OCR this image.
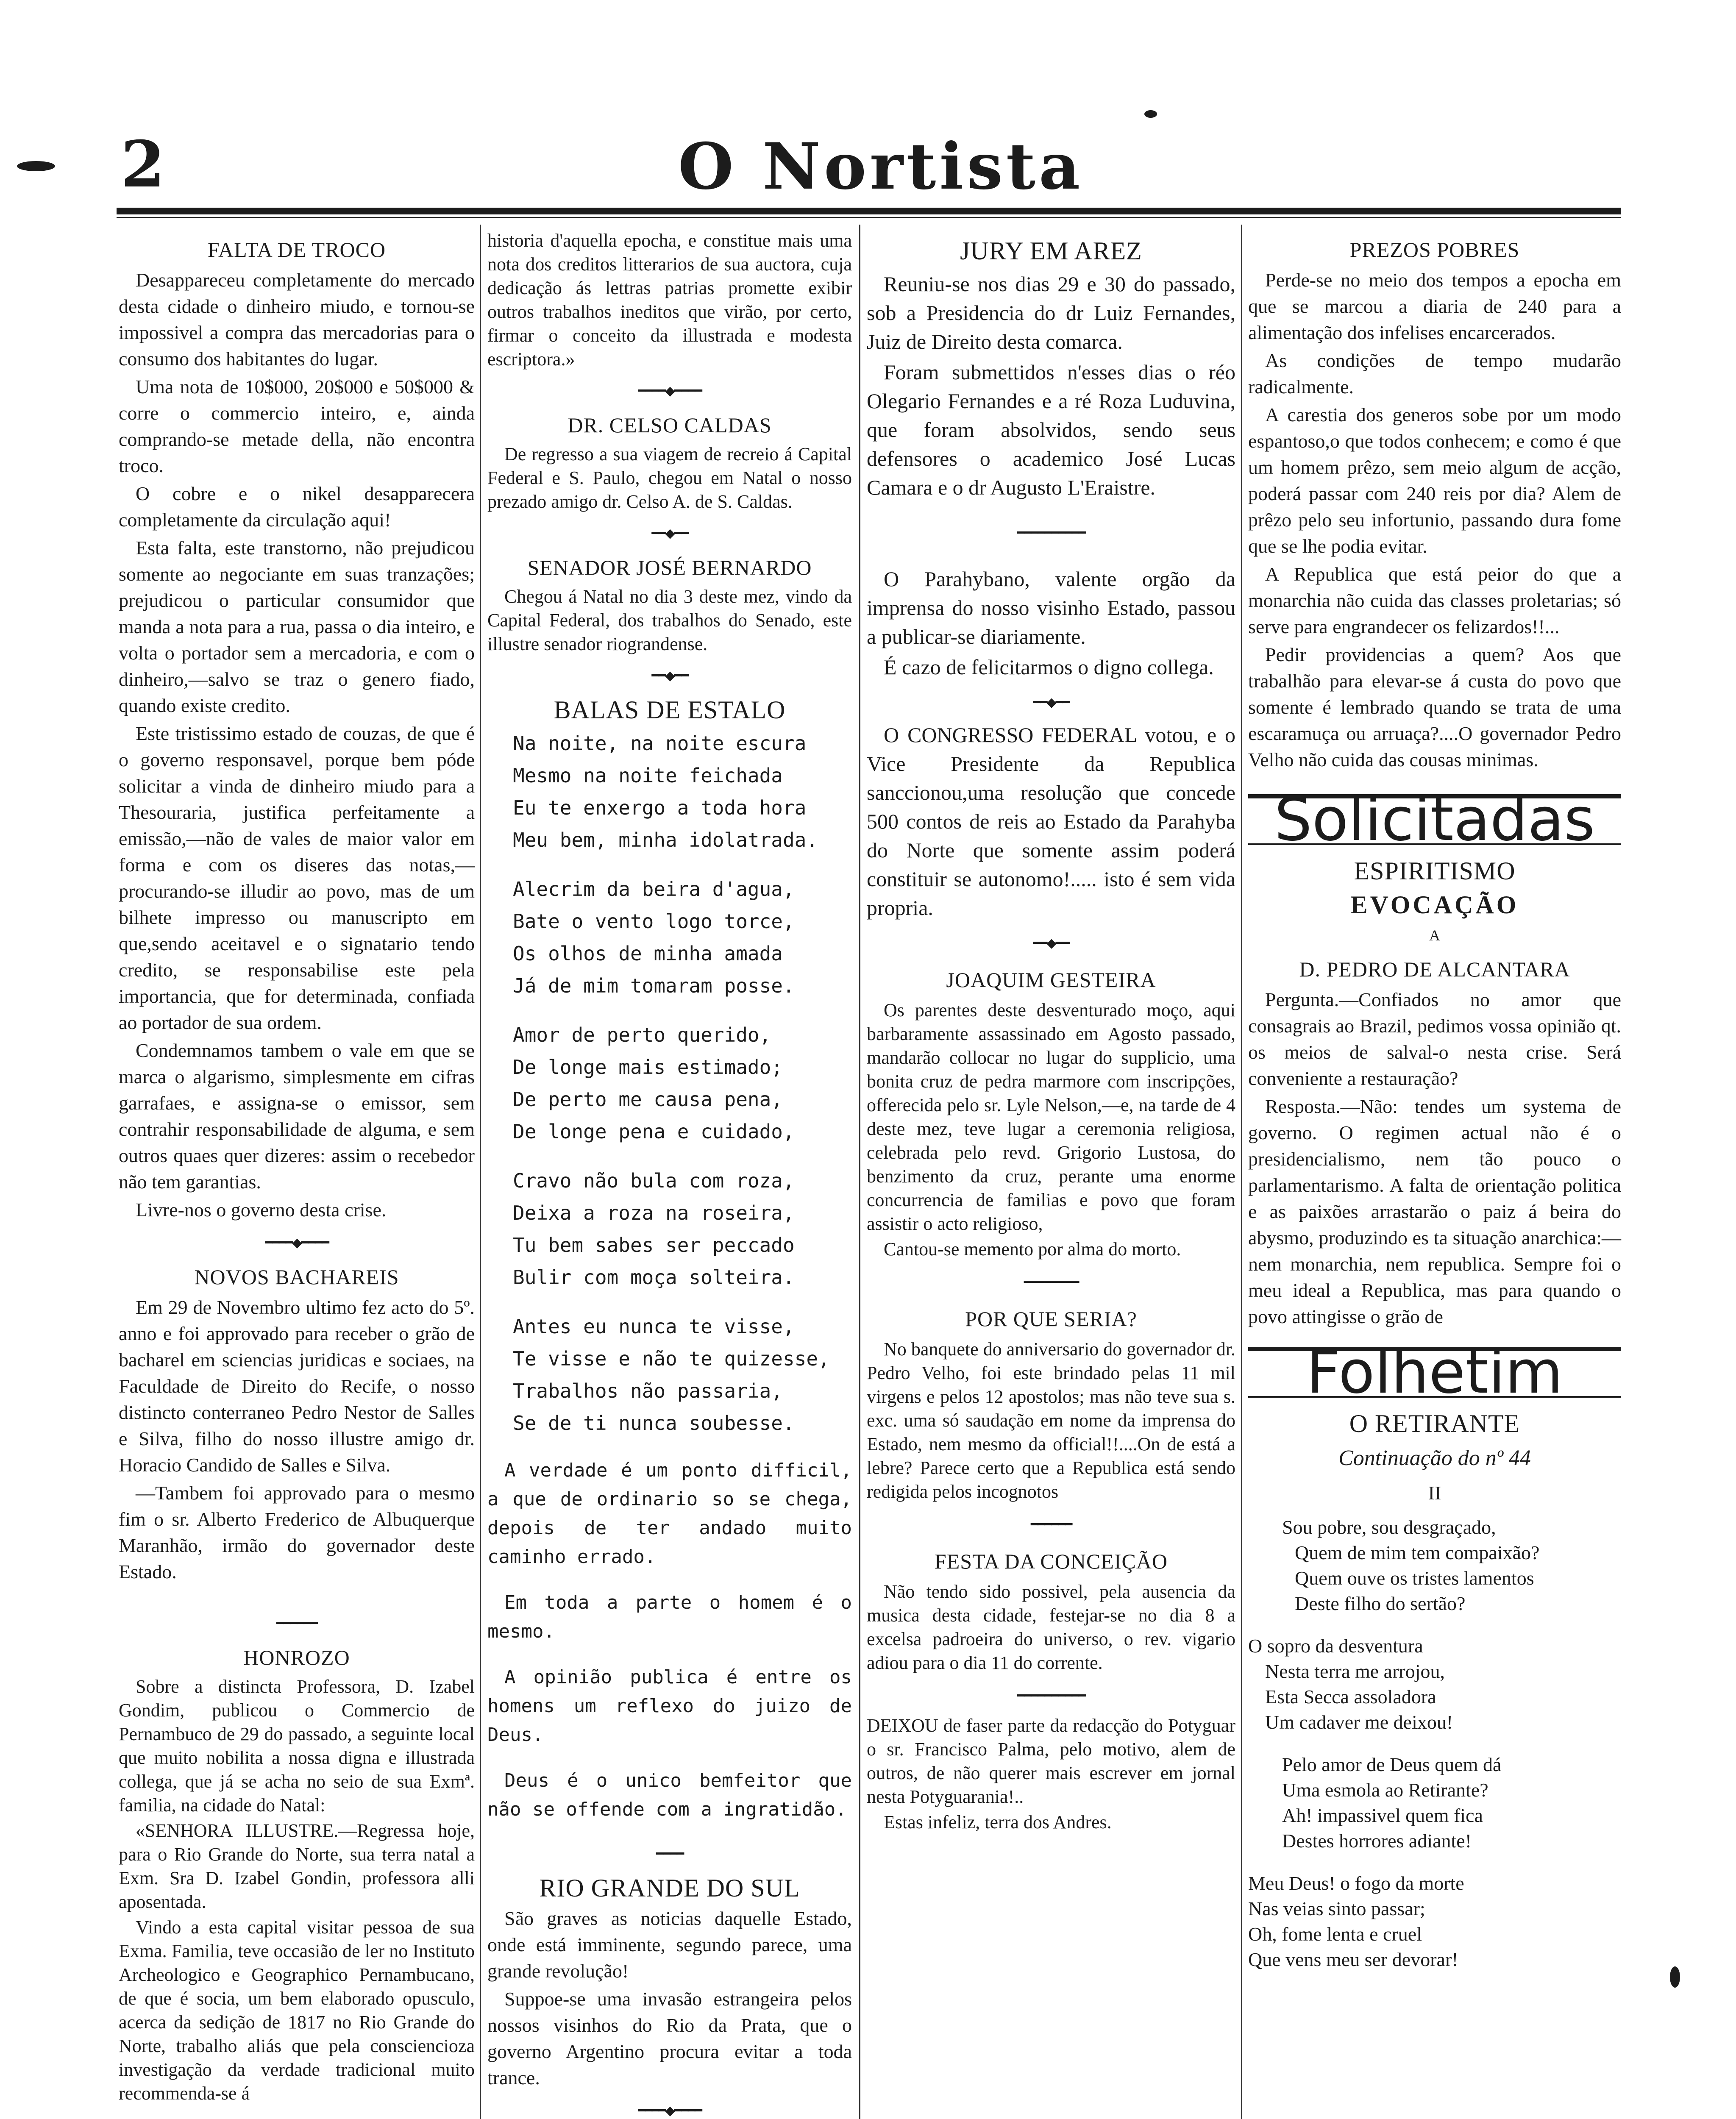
2	O Nortista
FALTA DE TROCO

Desappareceu completamente do mercado desta cidade o dinheiro miudo, e tornou-se impossivel a compra das mercadorias para o consumo dos habitantes do lugar.

Uma nota de 10$000, 20$000 e 50$000 & corre o commercio inteiro, e, ainda comprando-se metade della, não encontra troco.

O cobre e o nikel desapparecera completamente da circulação aqui!

Esta falta, este transtorno, não prejudicou somente ao negociante em suas tranzações; prejudicou o particular consumidor que manda a nota para a rua, passa o dia inteiro, e volta o portador sem a mercadoria, e com o dinheiro,—salvo se traz o genero fiado, quando existe credito.

Este tristissimo estado de couzas, de que é o governo responsavel, porque bem póde solicitar a vinda de dinheiro miudo para a Thesouraria, justifica perfeitamente a emissão,—não de vales de maior valor em forma e com os diseres das notas,—procurando-se illudir ao povo, mas de um bilhete impresso ou manuscripto em que,sendo aceitavel e o signatario tendo credito, se responsabilise este pela importancia, que for determinada, confiada ao portador de sua ordem.

Condemnamos tambem o vale em que se marca o algarismo, simplesmente em cifras garrafaes, e assigna-se o emissor, sem contrahir responsabilidade de alguma, e sem outros quaes quer dizeres: assim o recebedor não tem garantias.

Livre-nos o governo desta crise.

━━━━◆━━━━
NOVOS BACHAREIS

Em 29 de Novembro ultimo fez acto do 5º. anno e foi approvado para receber o grão de bacharel em sciencias juridicas e sociaes, na Faculdade de Direito do Recife, o nosso distincto conterraneo Pedro Nestor de Salles e Silva, filho do nosso illustre amigo dr. Horacio Candido de Salles e Silva.

—Tambem foi approvado para o mesmo fim o sr. Alberto Frederico de Albuquerque Maranhão, irmão do governador deste Estado.

━━━━━━
HONROZO

Sobre a distincta Professora, D. Izabel Gondim, publicou o Commercio de Pernambuco de 29 do passado, a seguinte local que muito nobilita a nossa digna e illustrada collega, que já se acha no seio de sua Exmª. familia, na cidade do Natal:

«SENHORA ILLUSTRE.—Regressa hoje, para o Rio Grande do Norte, sua terra natal a Exm. Sra D. Izabel Gondin, professora alli aposentada.

Vindo a esta capital visitar pessoa de sua Exma. Familia, teve occasião de ler no Instituto Archeologico e Geographico Pernambucano, de que é socia, um bem elaborado opusculo, acerca da sedição de 1817 no Rio Grande do Norte, trabalho aliás que pela consciencioza investigação da verdade tradicional muito recommenda-se á

historia d'aquella epocha, e constitue mais uma nota dos creditos litterarios de sua auctora, cuja dedicação ás lettras patrias promette exibir outros trabalhos ineditos que virão, por certo, firmar o conceito da illustrada e modesta escriptora.»

━━━━◆━━━━
DR. CELSO CALDAS

De regresso a sua viagem de recreio á Capital Federal e S. Paulo, chegou em Natal o nosso prezado amigo dr. Celso A. de S. Caldas.

━━◆━━
SENADOR JOSÉ BERNARDO

Chegou á Natal no dia 3 deste mez, vindo da Capital Federal, dos trabalhos do Senado, este illustre senador riograndense.

━━◆━━
BALAS DE ESTALO
Na noite, na noite escura
Mesmo na noite feichada
Eu te enxergo a toda hora
Meu bem, minha idolatrada.
Alecrim da beira d'agua,
Bate o vento logo torce,
Os olhos de minha amada
Já de mim tomaram posse.
Amor de perto querido,
De longe mais estimado;
De perto me causa pena,
De longe pena e cuidado,
Cravo não bula com roza,
Deixa a roza na roseira,
Tu bem sabes ser peccado
Bulir com moça solteira.
Antes eu nunca te visse,
Te visse e não te quizesse,
Trabalhos não passaria,
Se de ti nunca soubesse.

A verdade é um ponto difficil, a que de ordinario so se chega, depois de ter andado muito caminho errado.

Em toda a parte o homem é o mesmo.

A opinião publica é entre os homens um reflexo do juizo de Deus.

Deus é o unico bemfeitor que não se offende com a ingratidão.

━━━━
RIO GRANDE DO SUL

São graves as noticias daquelle Estado, onde está imminente, segundo parece, uma grande revolução!

Suppoe-se uma invasão estrangeira pelos nossos visinhos do Rio da Prata, que o governo Argentino procura evitar a toda trance.

━━━━◆━━━━
JURY EM AREZ

Reuniu-se nos dias 29 e 30 do passado, sob a Presidencia do dr Luiz Fernandes, Juiz de Direito desta comarca.

Foram submettidos n'esses dias o réo Olegario Fernandes e a ré Roza Luduvina, que foram absolvidos, sendo seus defensores o academico José Lucas Camara e o dr Augusto L'Eraistre.

━━━━━━━━━━

O Parahybano, valente orgão da imprensa do nosso visinho Estado, passou a publicar-se diariamente.

É cazo de felicitarmos o digno collega.

━━◆━━

O CONGRESSO FEDERAL votou, e o Vice Presidente da Republica sanccionou,uma resolução que concede 500 contos de reis ao Estado da Parahyba do Norte que somente assim poderá constituir se autonomo!..... isto é sem vida propria.

━━◆━━
JOAQUIM GESTEIRA

Os parentes deste desventurado moço, aqui barbaramente assassinado em Agosto passado, mandarão collocar no lugar do supplicio, uma bonita cruz de pedra marmore com inscripções, offerecida pelo sr. Lyle Nelson,—e, na tarde de 4 deste mez, teve lugar a ceremonia religiosa, celebrada pelo revd. Grigorio Lustosa, do benzimento da cruz, perante uma enorme concurrencia de familias e povo que foram assistir o acto religioso,

Cantou-se memento por alma do morto.

━━━━━━━━
POR QUE SERIA?

No banquete do anniversario do governador dr. Pedro Velho, foi este brindado pelas 11 mil virgens e pelos 12 apostolos; mas não teve sua s. exc. uma só saudação em nome da imprensa do Estado, nem mesmo da official!!....On de está a lebre? Parece certo que a Republica está sendo redigida pelos incognotos

━━━━━━
FESTA DA CONCEIÇÃO

Não tendo sido possivel, pela ausencia da musica desta cidade, festejar-se no dia 8 a excelsa padroeira do universo, o rev. vigario adiou para o dia 11 do corrente.

━━━━━━━━━━

DEIXOU de faser parte da redacção do Potyguar o sr. Francisco Palma, pelo motivo, alem de outros, de não querer mais escrever em jornal nesta Potyguarania!..

Estas infeliz, terra dos Andres.

PREZOS POBRES

Perde-se no meio dos tempos a epocha em que se marcou a diaria de 240 para a alimentação dos infelises encarcerados.

As condições de tempo mudarão radicalmente.

A carestia dos generos sobe por um modo espantoso,o que todos conhecem; e como é que um homem prêzo, sem meio algum de acção, poderá passar com 240 reis por dia? Alem de prêzo pelo seu infortunio, passando dura fome que se lhe podia evitar.

A Republica que está peior do que a monarchia não cuida das classes proletarias; só serve para engrandecer os felizardos!!...

Pedir providencias a quem? Aos que trabalhão para elevar-se á custa do povo que somente é lembrado quando se trata de uma escaramuça ou arruaça?....O governador Pedro Velho não cuida das cousas minimas.

Solicitadas
ESPIRITISMO
EVOCAÇÃO
A
D. PEDRO DE ALCANTARA

Pergunta.—Confiados no amor que consagrais ao Brazil, pedimos vossa opinião qt. os meios de salval-o nesta crise. Será conveniente a restauração?

Resposta.—Não: tendes um systema de governo. O regimen actual não é o presidencialismo, nem tão pouco o parlamentarismo. A falta de orientação politica e as paixões arrastarão o paiz á beira do abysmo, produzindo es ta situação anarchica:—nem monarchia, nem republica. Sempre foi o meu ideal a Republica, mas para quando o povo attingisse o grão de

Folhetim
O RETIRANTE
Continuação do nº 44
II
Sou pobre, sou desgraçado,
Quem de mim tem compaixão?
Quem ouve os tristes lamentos
Deste filho do sertão?
O sopro da desventura
Nesta terra me arrojou,
Esta Secca assoladora
Um cadaver me deixou!
Pelo amor de Deus quem dá
Uma esmola ao Retirante?
Ah! impassivel quem fica
Destes horrores adiante!
Meu Deus! o fogo da morte
Nas veias sinto passar;
Oh, fome lenta e cruel
Que vens meu ser devorar!
